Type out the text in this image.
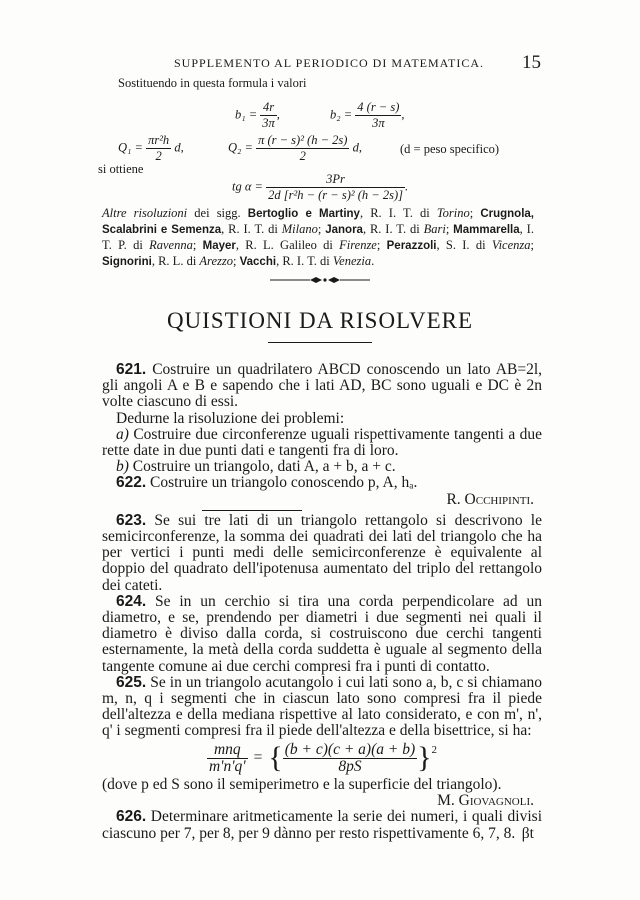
SUPPLEMENTO AL PERIODICO DI MATEMATICA. 15
Sostituendo in questa formula i valori
$b_1 = \frac{4r}{3\pi}$ ,	$b_2 = \frac{4 (r - s)}{3\pi}$ ,
$Q_1 = \frac{\text{πr²h}}{2} d$,	$Q_2 = \frac{\text{π (r − s)² (h − 2s)}}{2} d$,	(d = peso specifico)
si ottiene
tg $\alpha = \frac{3Pr}{\text{2d [r²h − (r − s)² (h − 2s)]}}$ .
Altre risoluzioni dei sigg. Bertoglio e Martiny, R. I. T. di Torino; Crugnola, Scalabrini e Semenza, R. I. T. di Milano; Janora, R. I. T. di Bari; Mammarella, I. T. P. di Ravenna; Mayer, R. L. Galileo di Firenze; Perazzoli, S. I. di Vicenza; Signorini, R. L. di Arezzo; Vacchi, R. I. T. di Venezia.
QUISTIONI DA RISOLVERE

621. Costruire un quadrilatero ABCD conoscendo un lato AB=2l, gli angoli A e B e sapendo che i lati AD, BC sono uguali e DC è 2n volte ciascuno di essi.

Dedurne la risoluzione dei problemi:

a) Costruire due circonferenze uguali rispettivamente tangenti a due rette date in due punti dati e tangenti fra di loro.

b) Costruire un triangolo, dati A, a + b, a + c.

622. Costruire un triangolo conoscendo p, A, hₐ.

R. Occhipinti.

623. Se sui tre lati di un triangolo rettangolo si descrivono le semicirconferenze, la somma dei quadrati dei lati del triangolo che ha per vertici i punti medi delle semicirconferenze è equivalente al doppio del quadrato dell'ipotenusa aumentato del triplo del rettangolo dei cateti.

624. Se in un cerchio si tira una corda perpendicolare ad un diametro, e se, prendendo per diametri i due segmenti nei quali il diametro è diviso dalla corda, si costruiscono due cerchi tangenti esternamente, la metà della corda suddetta è uguale al segmento della tangente comune ai due cerchi compresi fra i punti di contatto.

625. Se in un triangolo acutangolo i cui lati sono a, b, c si chiamano m, n, q i segmenti che in ciascun lato sono compresi fra il piede dell'altezza e della mediana rispettive al lato considerato, e con m', n', q' i segmenti compresi fra il piede dell'altezza e della bisettrice, si ha:

$\frac{\text{mnq}}{m'n'q'}$ = { $\frac{(b + c)(c + a)(a + b)}{8pS} \}^2$

(dove p ed S sono il semiperimetro e la superficie del triangolo).

M. Giovagnoli.

626. Determinare aritmeticamente la serie dei numeri, i quali divisi ciascuno per 7, per 8, per 9 dànno per resto rispettivamente 6, 7, 8. βt
